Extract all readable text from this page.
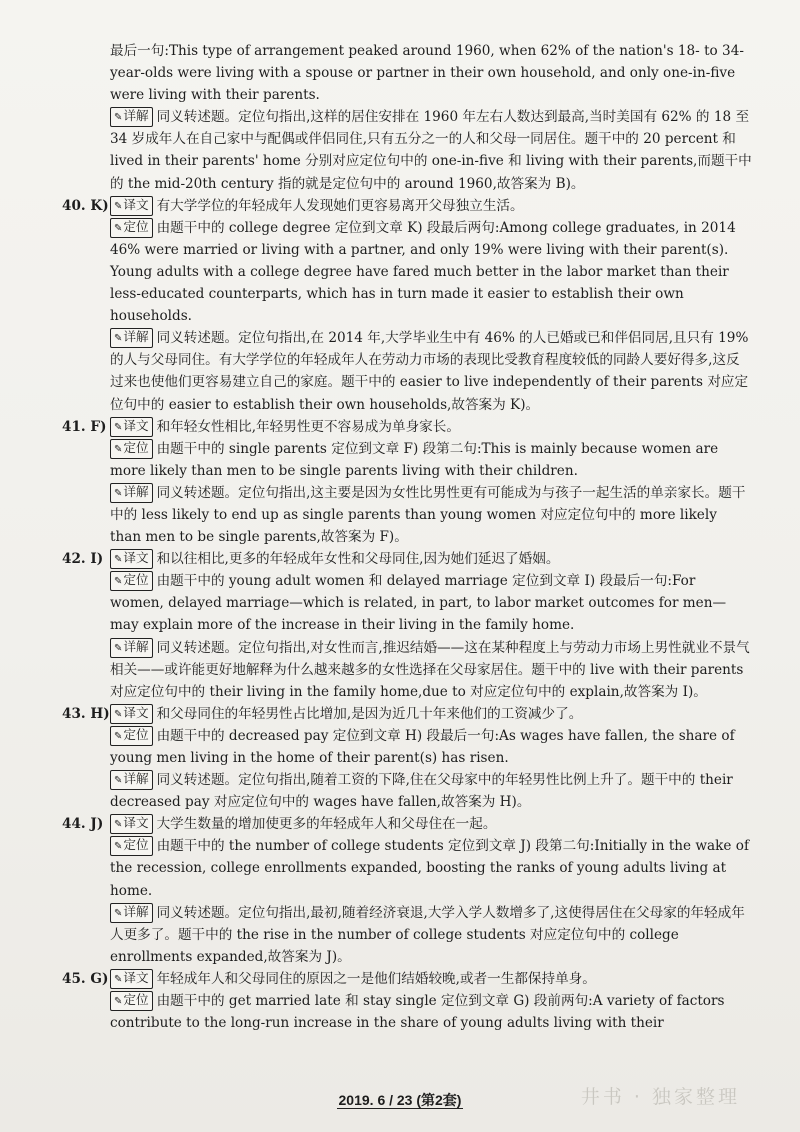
最后一句:This type of arrangement peaked around 1960, when 62% of the nation's 18- to 34-year-olds were living with a spouse or partner in their own household, and only one-in-five were living with their parents.

✎详解 同义转述题。定位句指出,这样的居住安排在 1960 年左右人数达到最高,当时美国有 62% 的 18 至 34 岁成年人在自己家中与配偶或伴侣同住,只有五分之一的人和父母一同居住。题干中的 20 percent 和 lived in their parents' home 分别对应定位句中的 one-in-five 和 living with their parents,而题干中的 the mid-20th century 指的就是定位句中的 around 1960,故答案为 B)。

40. K) ✎译文 有大学学位的年轻成年人发现她们更容易离开父母独立生活。

✎定位 由题干中的 college degree 定位到文章 K) 段最后两句:Among college graduates, in 2014 46% were married or living with a partner, and only 19% were living with their parent(s). Young adults with a college degree have fared much better in the labor market than their less-educated counterparts, which has in turn made it easier to establish their own households.

✎详解 同义转述题。定位句指出,在 2014 年,大学毕业生中有 46% 的人已婚或已和伴侣同居,且只有 19% 的人与父母同住。有大学学位的年轻成年人在劳动力市场的表现比受教育程度较低的同龄人要好得多,这反过来也使他们更容易建立自己的家庭。题干中的 easier to live independently of their parents 对应定位句中的 easier to establish their own households,故答案为 K)。

41. F) ✎译文 和年轻女性相比,年轻男性更不容易成为单身家长。

✎定位 由题干中的 single parents 定位到文章 F) 段第二句:This is mainly because women are more likely than men to be single parents living with their children.

✎详解 同义转述题。定位句指出,这主要是因为女性比男性更有可能成为与孩子一起生活的单亲家长。题干中的 less likely to end up as single parents than young women 对应定位句中的 more likely than men to be single parents,故答案为 F)。

42. I)	✎译文 和以往相比,更多的年轻成年女性和父母同住,因为她们延迟了婚姻。

✎定位 由题干中的 young adult women 和 delayed marriage 定位到文章 I) 段最后一句:For women, delayed marriage—which is related, in part, to labor market outcomes for men—may explain more of the increase in their living in the family home.

✎详解 同义转述题。定位句指出,对女性而言,推迟结婚——这在某种程度上与劳动力市场上男性就业不景气相关——或许能更好地解释为什么越来越多的女性选择在父母家居住。题干中的 live with their parents 对应定位句中的 their living in the family home,due to 对应定位句中的 explain,故答案为 I)。

43. H) ✎译文 和父母同住的年轻男性占比增加,是因为近几十年来他们的工资减少了。

✎定位 由题干中的 decreased pay 定位到文章 H) 段最后一句:As wages have fallen, the share of young men living in the home of their parent(s) has risen.

✎详解 同义转述题。定位句指出,随着工资的下降,住在父母家中的年轻男性比例上升了。题干中的 their decreased pay 对应定位句中的 wages have fallen,故答案为 H)。

44. J)	✎译文 大学生数量的增加使更多的年轻成年人和父母住在一起。

✎定位 由题干中的 the number of college students 定位到文章 J) 段第二句:Initially in the wake of the recession, college enrollments expanded, boosting the ranks of young adults living at home.

✎详解 同义转述题。定位句指出,最初,随着经济衰退,大学入学人数增多了,这使得居住在父母家的年轻成年人更多了。题干中的 the rise in the number of college students 对应定位句中的 college enrollments expanded,故答案为 J)。

45. G) ✎译文 年轻成年人和父母同住的原因之一是他们结婚较晚,或者一生都保持单身。

✎定位 由题干中的 get married late 和 stay single 定位到文章 G) 段前两句:A variety of factors contribute to the long-run increase in the share of young adults living with their

2019. 6 / 23 (第2套)	井书 · 独家整理
